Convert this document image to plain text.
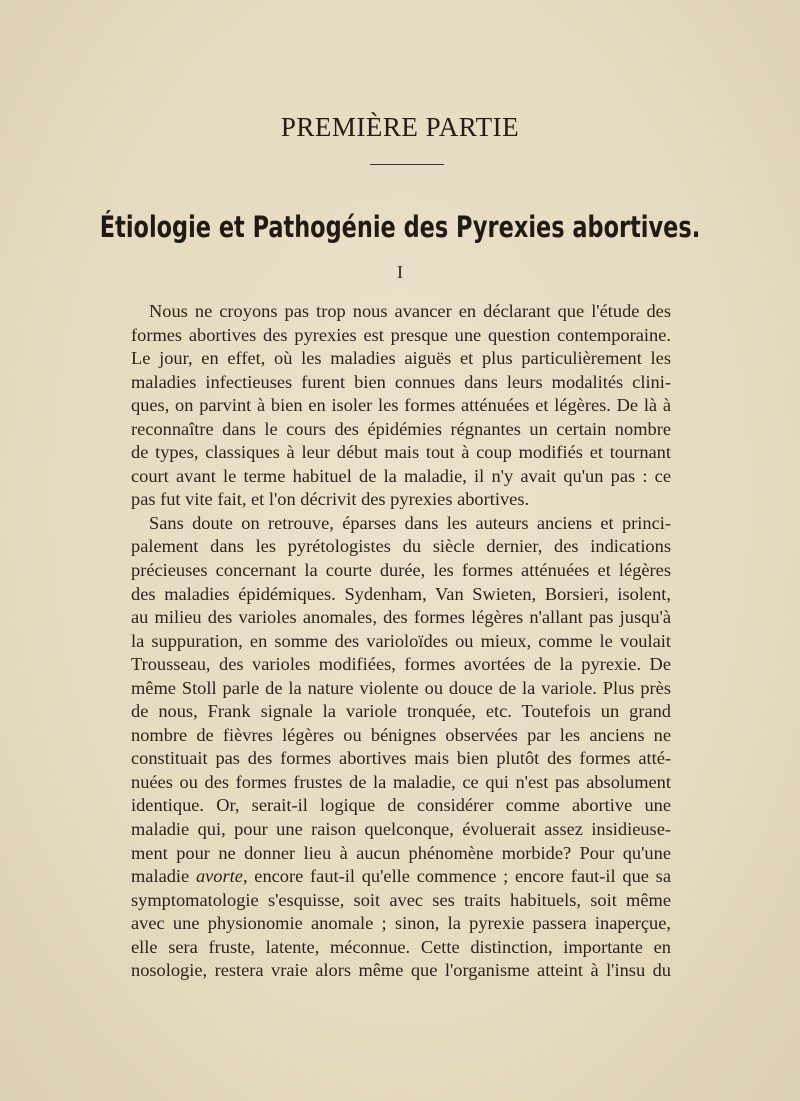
PREMIÈRE PARTIE
Étiologie et Pathogénie des Pyrexies abortives.
I
Nous ne croyons pas trop nous avancer en déclarant que l'étude des
formes abortives des pyrexies est presque une question contemporaine.
Le jour, en effet, où les maladies aiguës et plus particulièrement les
maladies infectieuses furent bien connues dans leurs modalités clini-
ques, on parvint à bien en isoler les formes atténuées et légères. De là à
reconnaître dans le cours des épidémies régnantes un certain nombre
de types, classiques à leur début mais tout à coup modifiés et tournant
court avant le terme habituel de la maladie, il n'y avait qu'un pas : ce
pas fut vite fait, et l'on décrivit des pyrexies abortives.
Sans doute on retrouve, éparses dans les auteurs anciens et princi-
palement dans les pyrétologistes du siècle dernier, des indications
précieuses concernant la courte durée, les formes atténuées et légères
des maladies épidémiques. Sydenham, Van Swieten, Borsieri, isolent,
au milieu des varioles anomales, des formes légères n'allant pas jusqu'à
la suppuration, en somme des varioloïdes ou mieux, comme le voulait
Trousseau, des varioles modifiées, formes avortées de la pyrexie. De
même Stoll parle de la nature violente ou douce de la variole. Plus près
de nous, Frank signale la variole tronquée, etc. Toutefois un grand
nombre de fièvres légères ou bénignes observées par les anciens ne
constituait pas des formes abortives mais bien plutôt des formes atté-
nuées ou des formes frustes de la maladie, ce qui n'est pas absolument
identique. Or, serait-il logique de considérer comme abortive une
maladie qui, pour une raison quelconque, évoluerait assez insidieuse-
ment pour ne donner lieu à aucun phénomène morbide? Pour qu'une
maladie avorte, encore faut-il qu'elle commence ; encore faut-il que sa
symptomatologie s'esquisse, soit avec ses traits habituels, soit même
avec une physionomie anomale ; sinon, la pyrexie passera inaperçue,
elle sera fruste, latente, méconnue. Cette distinction, importante en
nosologie, restera vraie alors même que l'organisme atteint à l'insu du
